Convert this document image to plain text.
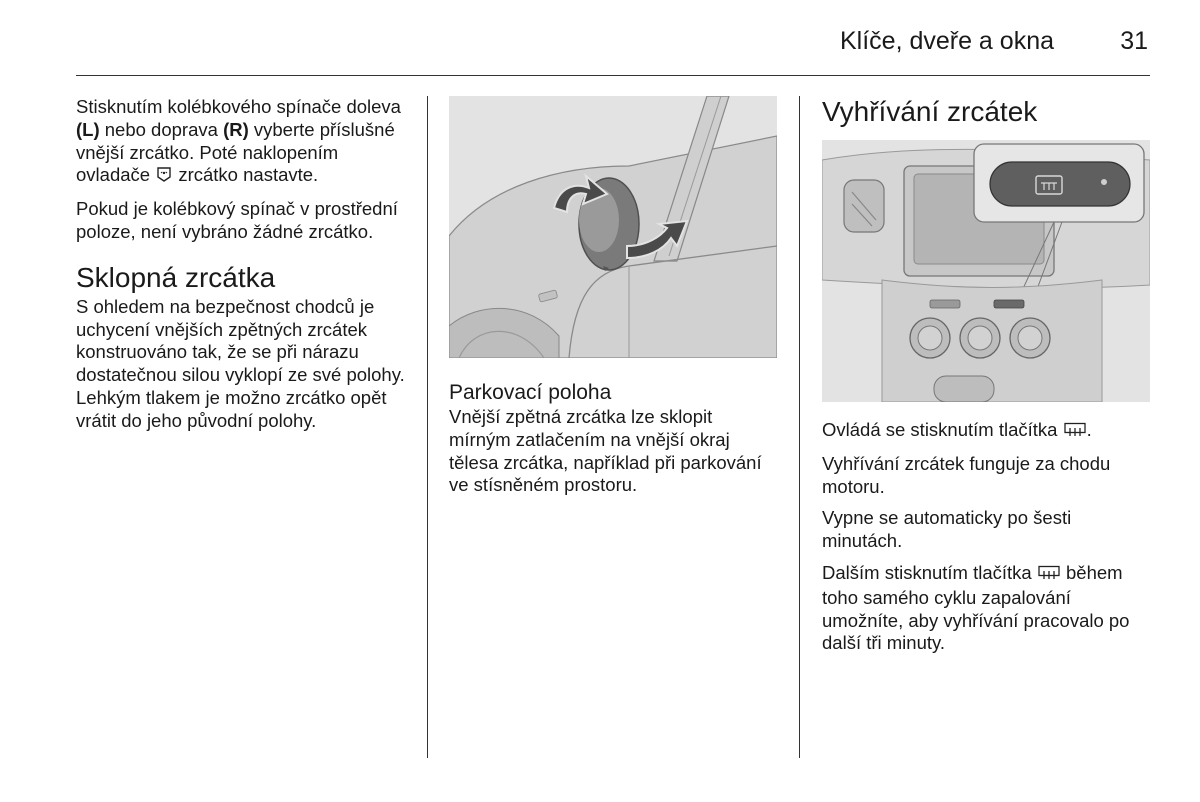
Klíče, dveře a okna	31

Stisknutím kolébkového spínače doleva (L) nebo doprava (R) vyberte příslušné vnější zrcátko. Poté naklopením ovladače  zrcátko nastavte.

Pokud je kolébkový spínač v prostřední poloze, není vybráno žádné zrcátko.

Sklopná zrcátka

S ohledem na bezpečnost chodců je uchycení vnějších zpětných zrcátek konstruováno tak, že se při nárazu dostatečnou silou vyklopí ze své polohy. Lehkým tlakem je možno zrcátko opět vrátit do jeho původní polohy.

Parkovací poloha

Vnější zpětná zrcátka lze sklopit mírným zatlačením na vnější okraj tělesa zrcátka, například při parkování ve stísněném prostoru.

Vyhřívání zrcátek

Ovládá se stisknutím tlačítka .

Vyhřívání zrcátek funguje za chodu motoru.

Vypne se automaticky po šesti minutách.

Dalším stisknutím tlačítka  během toho samého cyklu zapalování umožníte, aby vyhřívání pracovalo po další tři minuty.
